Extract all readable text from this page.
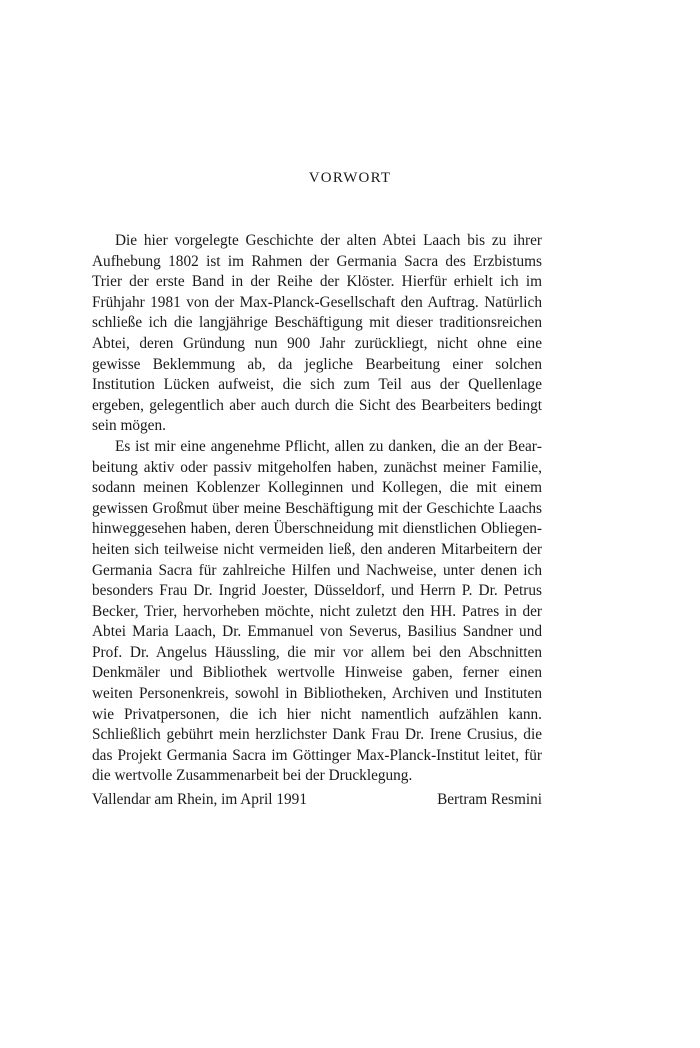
VORWORT

Die hier vorgelegte Geschichte der alten Abtei Laach bis zu ihrer Aufhebung 1802 ist im Rahmen der Germania Sacra des Erzbistums Trier der erste Band in der Reihe der Klöster. Hierfür erhielt ich im Frühjahr 1981 von der Max-Planck-Gesellschaft den Auftrag. Natürlich schließe ich die langjährige Beschäftigung mit dieser traditionsreichen Abtei, deren Gründung nun 900 Jahr zurückliegt, nicht ohne eine gewisse Beklemmung ab, da jegliche Bearbeitung einer solchen Institution Lücken aufweist, die sich zum Teil aus der Quellenlage ergeben, gelegentlich aber auch durch die Sicht des Bearbeiters bedingt sein mögen.

Es ist mir eine angenehme Pflicht, allen zu danken, die an der Bearbeitung aktiv oder passiv mitgeholfen haben, zunächst meiner Familie, sodann meinen Koblenzer Kolleginnen und Kollegen, die mit einem gewissen Großmut über meine Beschäftigung mit der Geschichte Laachs hinweggesehen haben, deren Überschneidung mit dienstlichen Obliegenheiten sich teilweise nicht vermeiden ließ, den anderen Mitarbeitern der Germania Sacra für zahlreiche Hilfen und Nachweise, unter denen ich besonders Frau Dr. Ingrid Joester, Düsseldorf, und Herrn P. Dr. Petrus Becker, Trier, hervorheben möchte, nicht zuletzt den HH. Patres in der Abtei Maria Laach, Dr. Emmanuel von Severus, Basilius Sandner und Prof. Dr. Angelus Häussling, die mir vor allem bei den Abschnitten Denkmäler und Bibliothek wertvolle Hinweise gaben, ferner einen weiten Personenkreis, sowohl in Bibliotheken, Archiven und Instituten wie Privatpersonen, die ich hier nicht namentlich aufzählen kann. Schließlich gebührt mein herzlichster Dank Frau Dr. Irene Crusius, die das Projekt Germania Sacra im Göttinger Max-Planck-Institut leitet, für die wertvolle Zusammenarbeit bei der Drucklegung.

Vallendar am Rhein, im April 1991	Bertram Resmini
